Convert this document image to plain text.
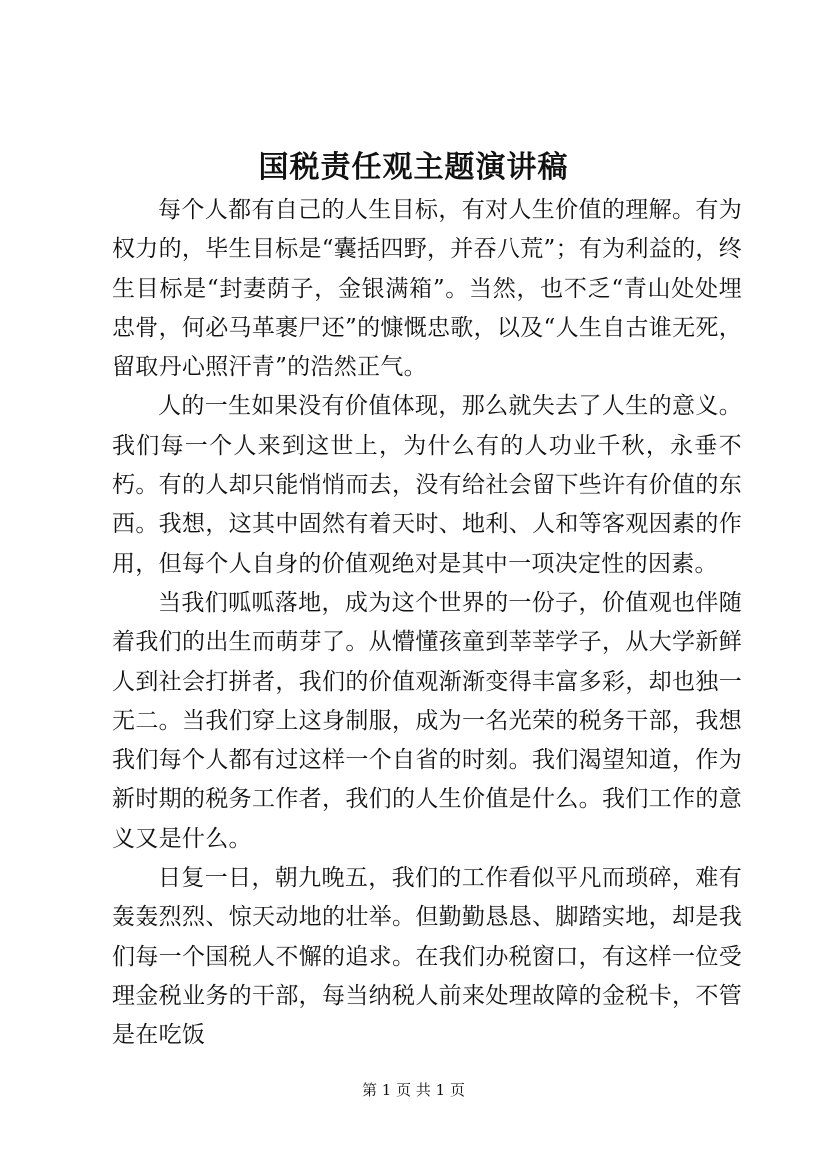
国税责任观主题演讲稿

每个人都有自己的人生目标，有对人生价值的理解。有为权力的，毕生目标是“囊括四野，并吞八荒”；有为利益的，终生目标是“封妻荫子，金银满箱”。当然，也不乏“青山处处埋忠骨，何必马革裹尸还”的慷慨忠歌，以及“人生自古谁无死，留取丹心照汗青”的浩然正气。

人的一生如果没有价值体现，那么就失去了人生的意义。我们每一个人来到这世上，为什么有的人功业千秋，永垂不朽。有的人却只能悄悄而去，没有给社会留下些许有价值的东西。我想，这其中固然有着天时、地利、人和等客观因素的作用，但每个人自身的价值观绝对是其中一项决定性的因素。

当我们呱呱落地，成为这个世界的一份子，价值观也伴随着我们的出生而萌芽了。从懵懂孩童到莘莘学子，从大学新鲜人到社会打拼者，我们的价值观渐渐变得丰富多彩，却也独一无二。当我们穿上这身制服，成为一名光荣的税务干部，我想我们每个人都有过这样一个自省的时刻。我们渴望知道，作为新时期的税务工作者，我们的人生价值是什么。我们工作的意义又是什么。

日复一日，朝九晚五，我们的工作看似平凡而琐碎，难有轰轰烈烈、惊天动地的壮举。但勤勤恳恳、脚踏实地，却是我们每一个国税人不懈的追求。在我们办税窗口，有这样一位受理金税业务的干部，每当纳税人前来处理故障的金税卡，不管是在吃饭

第 1 页 共 1 页
